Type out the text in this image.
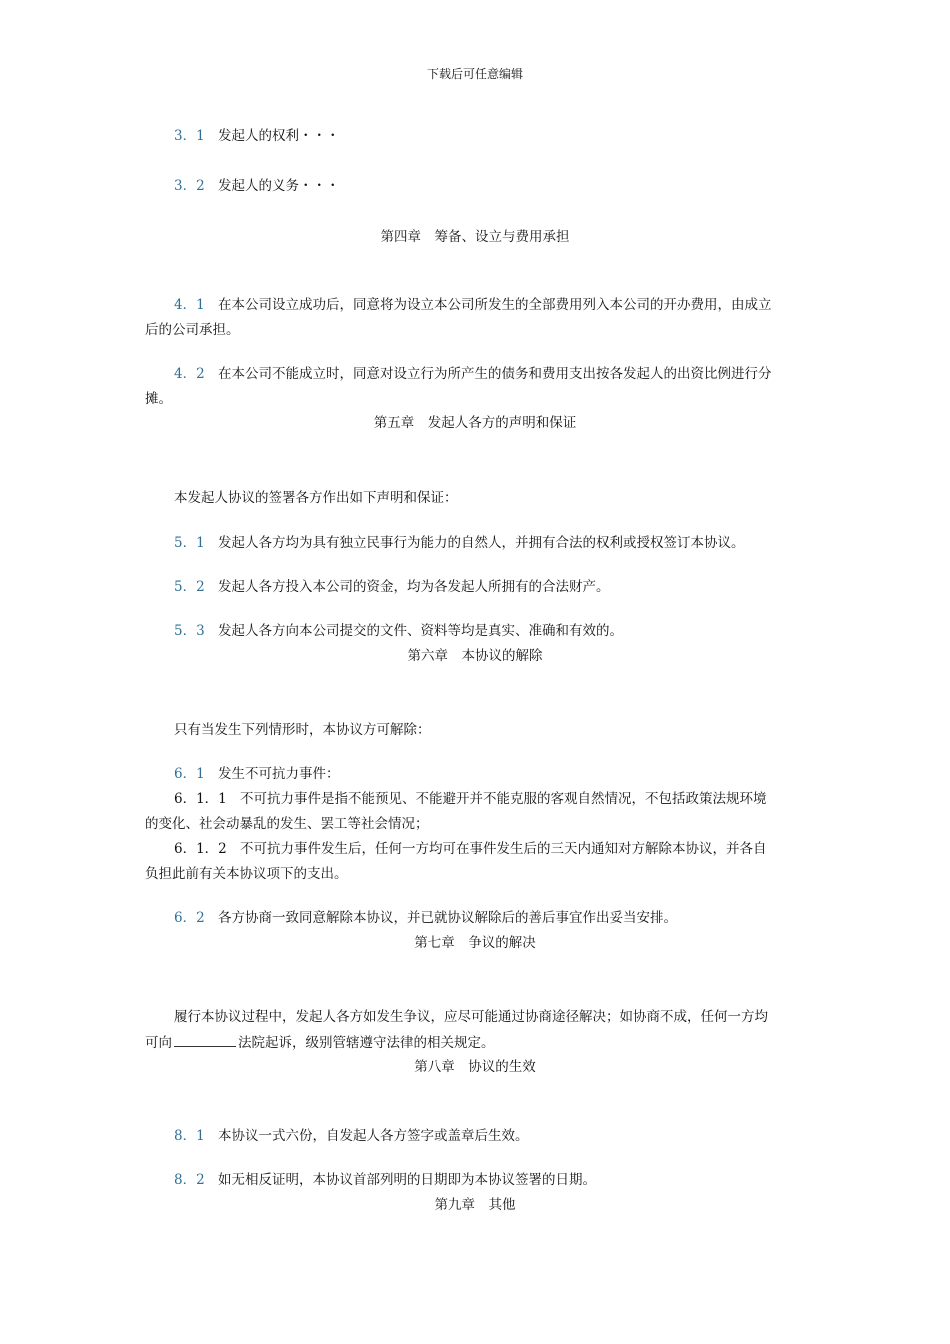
下载后可任意编辑
3．1 发起人的权利・・・
3．2 发起人的义务・・・
第四章　筹备、设立与费用承担
4．1 在本公司设立成功后，同意将为设立本公司所发生的全部费用列入本公司的开办费用，由成立
后的公司承担。
4．2 在本公司不能成立时，同意对设立行为所产生的债务和费用支出按各发起人的出资比例进行分
摊。
第五章　发起人各方的声明和保证
本发起人协议的签署各方作出如下声明和保证：
5．1 发起人各方均为具有独立民事行为能力的自然人，并拥有合法的权利或授权签订本协议。
5．2 发起人各方投入本公司的资金，均为各发起人所拥有的合法财产。
5．3 发起人各方向本公司提交的文件、资料等均是真实、准确和有效的。
第六章　本协议的解除
只有当发生下列情形时，本协议方可解除：
6．1 发生不可抗力事件：
6．1．1 不可抗力事件是指不能预见、不能避开并不能克服的客观自然情况，不包括政策法规环境
的变化、社会动暴乱的发生、罢工等社会情况；
6．1．2 不可抗力事件发生后，任何一方均可在事件发生后的三天内通知对方解除本协议，并各自
负担此前有关本协议项下的支出。
6．2 各方协商一致同意解除本协议，并已就协议解除后的善后事宜作出妥当安排。
第七章　争议的解决
履行本协议过程中，发起人各方如发生争议，应尽可能通过协商途径解决；如协商不成，任何一方均
可向	法院起诉，级别管辖遵守法律的相关规定。
第八章　协议的生效
8．1 本协议一式六份，自发起人各方签字或盖章后生效。
8．2 如无相反证明，本协议首部列明的日期即为本协议签署的日期。
第九章　其他
